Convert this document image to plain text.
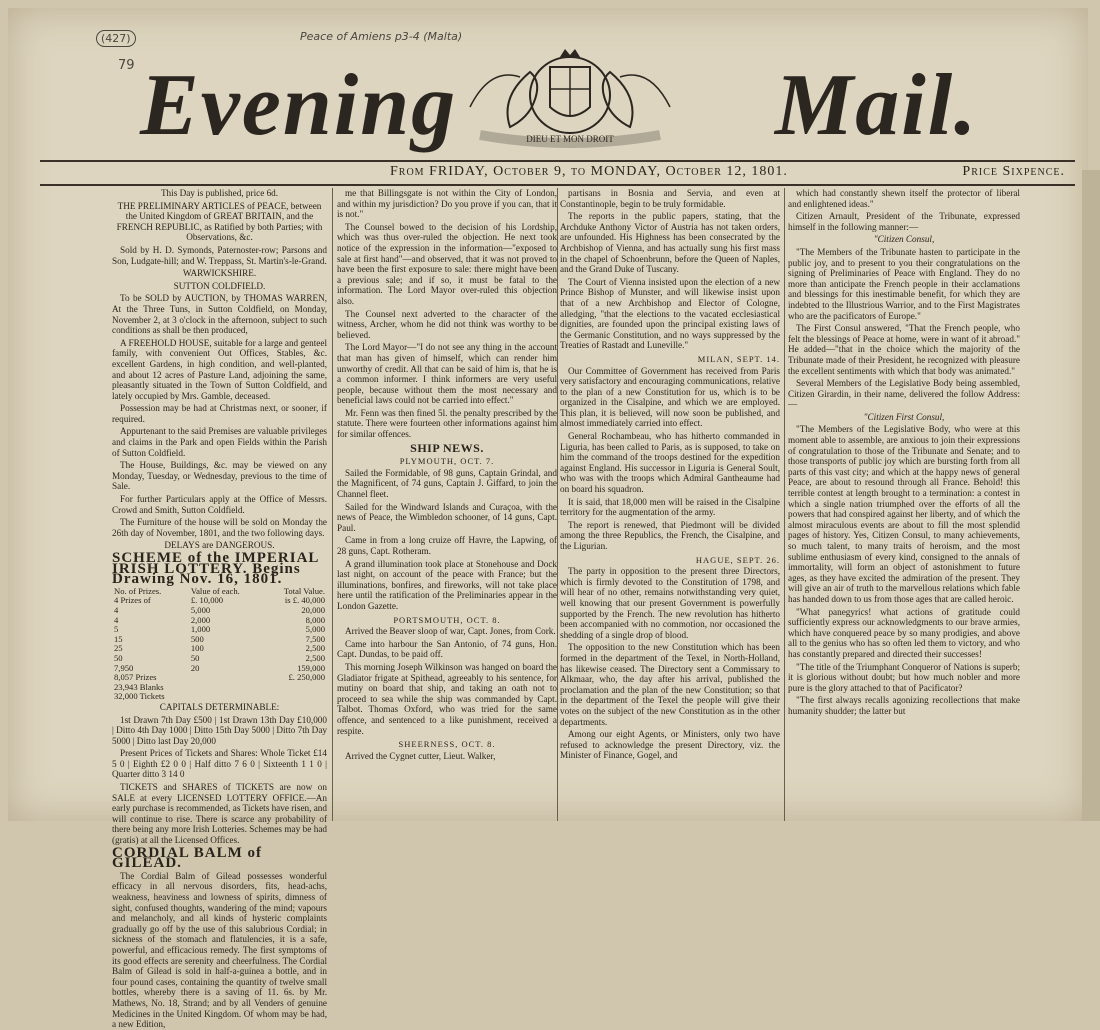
(427)
79
Peace of Amiens p3-4 (Malta)
Evening	DIEU ET MON DROIT Mail.
From FRIDAY, October 9, to MONDAY, October 12, 1801.	Price Sixpence.

This Day is published, price 6d.

THE PRELIMINARY ARTICLES of PEACE, between the United Kingdom of GREAT BRITAIN, and the FRENCH REPUBLIC, as Ratified by both Parties; with Observations, &c.

Sold by H. D. Symonds, Paternoster-row; Parsons and Son, Ludgate-hill; and W. Treppass, St. Martin's-le-Grand.

WARWICKSHIRE.

SUTTON COLDFIELD.

To be SOLD by AUCTION, by THOMAS WARREN, At the Three Tuns, in Sutton Coldfield, on Monday, November 2, at 3 o'clock in the afternoon, subject to such conditions as shall be then produced,

A FREEHOLD HOUSE, suitable for a large and genteel family, with convenient Out Offices, Stables, &c. excellent Gardens, in high condition, and well-planted, and about 12 acres of Pasture Land, adjoining the same, pleasantly situated in the Town of Sutton Coldfield, and lately occupied by Mrs. Gamble, deceased.

Possession may be had at Christmas next, or sooner, if required.

Appurtenant to the said Premises are valuable privileges and claims in the Park and open Fields within the Parish of Sutton Coldfield.

The House, Buildings, &c. may be viewed on any Monday, Tuesday, or Wednesday, previous to the time of Sale.

For further Particulars apply at the Office of Messrs. Crowd and Smith, Sutton Coldfield.

The Furniture of the house will be sold on Monday the 26th day of November, 1801, and the two following days.

DELAYS are DANGEROUS.

SCHEME of the IMPERIAL IRISH LOTTERY. Begins Drawing Nov. 16, 1801.

No. of Prizes.	Value of each.	Total Value.
4 Prizes of	£. 10,000	is £. 40,000
4	5,000	20,000
4	2,000	8,000
5	1,000	5,000
15	500	7,500
25	100	2,500
50	50	2,500
7,950	20	159,000
8,057 Prizes		£. 250,000
23,943 Blanks		
32,000 Tickets		

CAPITALS DETERMINABLE:

1st Drawn 7th Day £500 | 1st Drawn 13th Day £10,000 | Ditto 4th Day 1000 | Ditto 15th Day 5000 | Ditto 7th Day 5000 | Ditto last Day 20,000

Present Prices of Tickets and Shares: Whole Ticket £14 5 0 | Eighth £2 0 0 | Half ditto 7 6 0 | Sixteenth 1 1 0 | Quarter ditto 3 14 0

TICKETS and SHARES of TICKETS are now on SALE at every LICENSED LOTTERY OFFICE.—An early purchase is recommended, as Tickets have risen, and will continue to rise. There is scarce any probability of there being any more Irish Lotteries. Schemes may be had (gratis) at all the Licensed Offices.

CORDIAL BALM of GILEAD.

The Cordial Balm of Gilead possesses wonderful efficacy in all nervous disorders, fits, head-achs, weakness, heaviness and lowness of spirits, dimness of sight, confused thoughts, wandering of the mind; vapours and melancholy, and all kinds of hysteric complaints gradually go off by the use of this salubrious Cordial; in sickness of the stomach and flatulencies, it is a safe, powerful, and efficacious remedy. The first symptoms of its good effects are serenity and cheerfulness. The Cordial Balm of Gilead is sold in half-a-guinea a bottle, and in four pound cases, containing the quantity of twelve small bottles, whereby there is a saving of 11. 6s. by Mr. Mathews, No. 18, Strand; and by all Venders of genuine Medicines in the United Kingdom. Of whom may be had, a new Edition,

me that Billingsgate is not within the City of London, and within my jurisdiction? Do you prove if you can, that it is not."

The Counsel bowed to the decision of his Lordship, which was thus over-ruled the objection. He next took notice of the expression in the information—"exposed to sale at first hand"—and observed, that it was not proved to have been the first exposure to sale: there might have been a previous sale; and if so, it must be fatal to the information. The Lord Mayor over-ruled this objection also.

The Counsel next adverted to the character of the witness, Archer, whom he did not think was worthy to be believed.

The Lord Mayor—"I do not see any thing in the account that man has given of himself, which can render him unworthy of credit. All that can be said of him is, that he is a common informer. I think informers are very useful people, because without them the most necessary and beneficial laws could not be carried into effect."

Mr. Fenn was then fined 5l. the penalty prescribed by the statute. There were fourteen other informations against him for similar offences.

SHIP NEWS.

PLYMOUTH, OCT. 7.

Sailed the Formidable, of 98 guns, Captain Grindal, and the Magnificent, of 74 guns, Captain J. Giffard, to join the Channel fleet.

Sailed for the Windward Islands and Curaçoa, with the news of Peace, the Wimbledon schooner, of 14 guns, Capt. Paul.

Came in from a long cruize off Havre, the Lapwing, of 28 guns, Capt. Rotheram.

A grand illumination took place at Stonehouse and Dock last night, on account of the peace with France; but the illuminations, bonfires, and fireworks, will not take place here until the ratification of the Preliminaries appear in the London Gazette.

PORTSMOUTH, OCT. 8.

Arrived the Beaver sloop of war, Capt. Jones, from Cork.

Came into harbour the San Antonio, of 74 guns, Hon. Capt. Dundas, to be paid off.

This morning Joseph Wilkinson was hanged on board the Gladiator frigate at Spithead, agreeably to his sentence, for mutiny on board that ship, and taking an oath not to proceed to sea while the ship was commanded by Capt. Talbot. Thomas Oxford, who was tried for the same offence, and sentenced to a like punishment, received a respite.

SHEERNESS, OCT. 8.

Arrived the Cygnet cutter, Lieut. Walker,

partisans in Bosnia and Servia, and even at Constantinople, begin to be truly formidable.

The reports in the public papers, stating, that the Archduke Anthony Victor of Austria has not taken orders, are unfounded. His Highness has been consecrated by the Archbishop of Vienna, and has actually sung his first mass in the chapel of Schoenbrunn, before the Queen of Naples, and the Grand Duke of Tuscany.

The Court of Vienna insisted upon the election of a new Prince Bishop of Munster, and will likewise insist upon that of a new Archbishop and Elector of Cologne, alledging, "that the elections to the vacated ecclesiastical dignities, are founded upon the principal existing laws of the Germanic Constitution, and no ways suppressed by the Treaties of Rastadt and Luneville."

MILAN, SEPT. 14.

Our Committee of Government has received from Paris very satisfactory and encouraging communications, relative to the plan of a new Constitution for us, which is to be organized in the Cisalpine, and which we are employed. This plan, it is believed, will now soon be published, and almost immediately carried into effect.

General Rochambeau, who has hitherto commanded in Liguria, has been called to Paris, as is supposed, to take on him the command of the troops destined for the expedition against England. His successor in Liguria is General Soult, who was with the troops which Admiral Gantheaume had on board his squadron.

It is said, that 18,000 men will be raised in the Cisalpine territory for the augmentation of the army.

The report is renewed, that Piedmont will be divided among the three Republics, the French, the Cisalpine, and the Ligurian.

HAGUE, SEPT. 26.

The party in opposition to the present three Directors, which is firmly devoted to the Constitution of 1798, and will hear of no other, remains notwithstanding very quiet, well knowing that our present Government is powerfully supported by the French. The new revolution has hitherto been accompanied with no commotion, nor occasioned the shedding of a single drop of blood.

The opposition to the new Constitution which has been formed in the department of the Texel, in North-Holland, has likewise ceased. The Directory sent a Commissary to Alkmaar, who, the day after his arrival, published the proclamation and the plan of the new Constitution; so that in the department of the Texel the people will give their votes on the subject of the new Constitution as in the other departments.

Among our eight Agents, or Ministers, only two have refused to acknowledge the present Directory, viz. the Minister of Finance, Gogel, and

which had constantly shewn itself the protector of liberal and enlightened ideas."

Citizen Arnault, President of the Tribunate, expressed himself in the following manner:—

"Citizen Consul,

"The Members of the Tribunate hasten to participate in the public joy, and to present to you their congratulations on the signing of Preliminaries of Peace with England. They do no more than anticipate the French people in their acclamations and blessings for this inestimable benefit, for which they are indebted to the Illustrious Warrior, and to the First Magistrates who are the pacificators of Europe."

The First Consul answered, "That the French people, who felt the blessings of Peace at home, were in want of it abroad." He added—"that in the choice which the majority of the Tribunate made of their President, he recognized with pleasure the excellent sentiments with which that body was animated."

Several Members of the Legislative Body being assembled, Citizen Girardin, in their name, delivered the follow Address:—

"Citizen First Consul,

"The Members of the Legislative Body, who were at this moment able to assemble, are anxious to join their expressions of congratulation to those of the Tribunate and Senate; and to those transports of public joy which are bursting forth from all parts of this vast city; and which at the happy news of general Peace, are about to resound through all France. Behold! this terrible contest at length brought to a termination: a contest in which a single nation triumphed over the efforts of all the powers that had conspired against her liberty, and of which the almost miraculous events are about to fill the most splendid pages of history. Yes, Citizen Consul, to many achievements, so much talent, to many traits of heroism, and the most sublime enthusiasm of every kind, consigned to the annals of immortality, will form an object of astonishment to future ages, as they have excited the admiration of the present. They will give an air of truth to the marvellous relations which fable has handed down to us from those ages that are called heroic.

"What panegyrics! what actions of gratitude could sufficiently express our acknowledgments to our brave armies, which have conquered peace by so many prodigies, and above all to the genius who has so often led them to victory, and who has constantly prepared and directed their successes!

"The title of the Triumphant Conqueror of Nations is superb; it is glorious without doubt; but how much nobler and more pure is the glory attached to that of Pacificator?

"The first always recalls agonizing recollections that make humanity shudder; the latter but
